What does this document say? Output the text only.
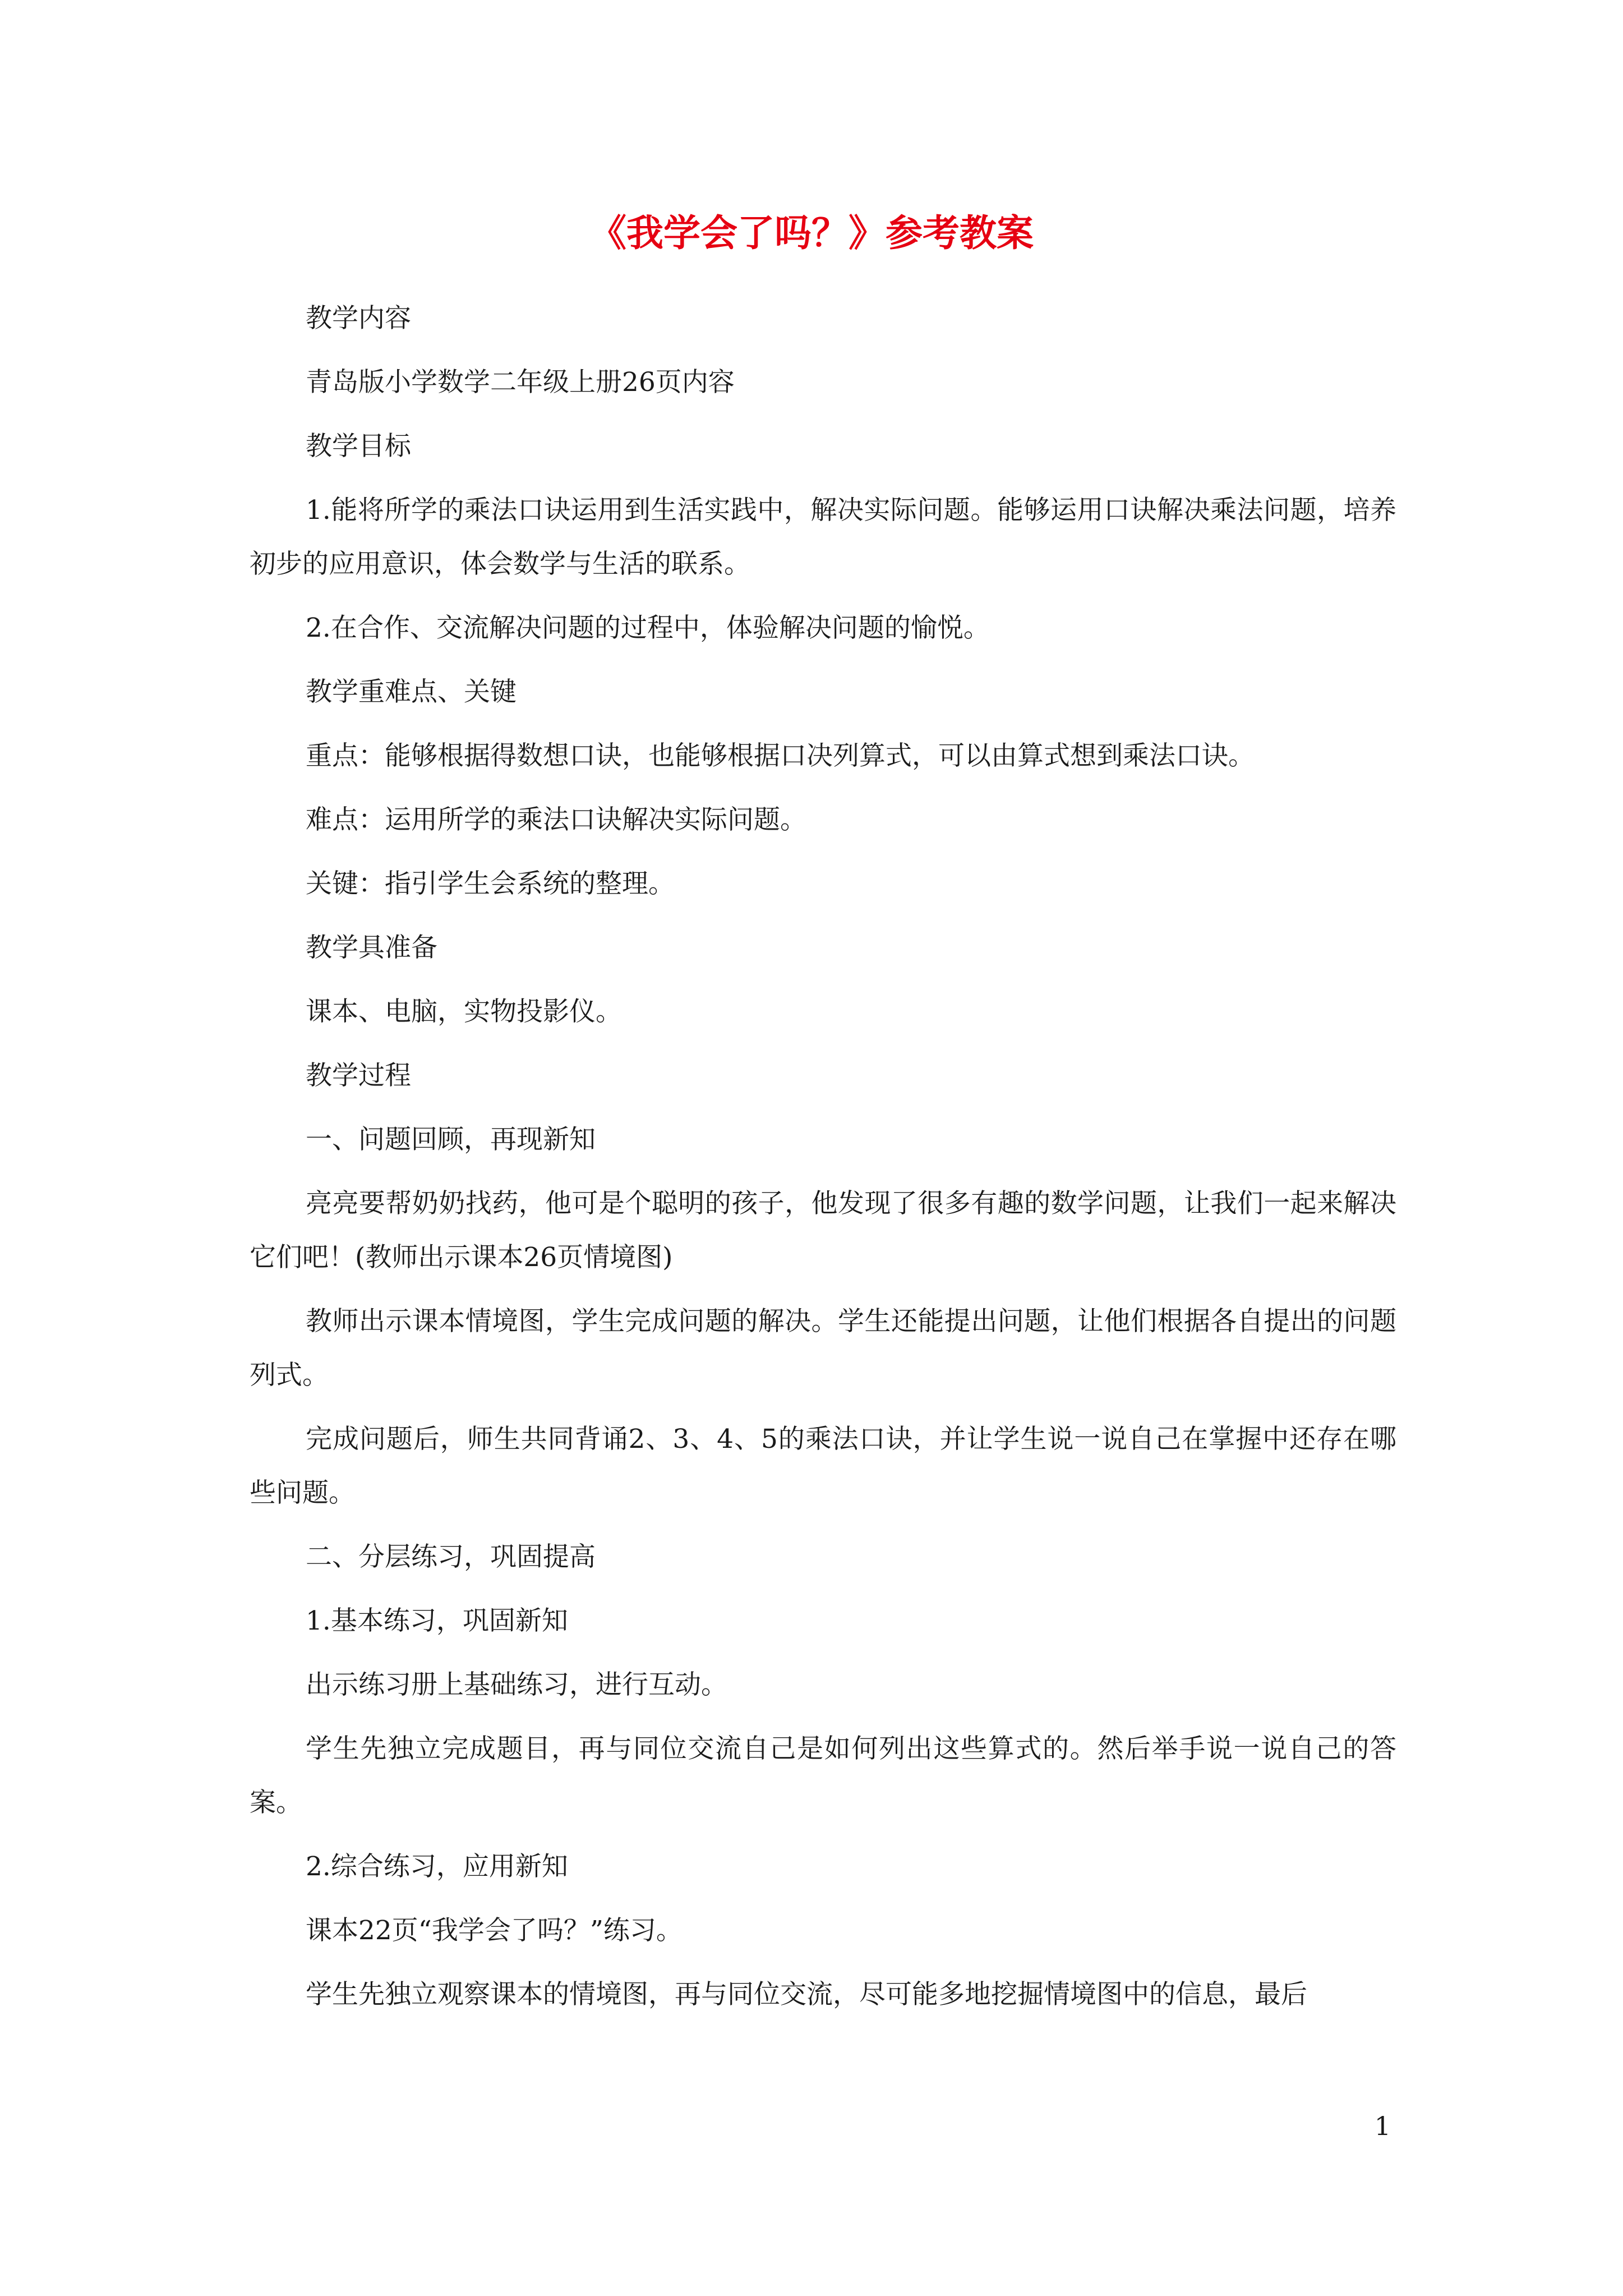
《我学会了吗？》参考教案

教学内容

青岛版小学数学二年级上册26页内容

教学目标

1.能将所学的乘法口诀运用到生活实践中，解决实际问题。能够运用口诀解决乘法问题，培养初步的应用意识，体会数学与生活的联系。

2.在合作、交流解决问题的过程中，体验解决问题的愉悦。

教学重难点、关键

重点：能够根据得数想口诀，也能够根据口决列算式，可以由算式想到乘法口诀。

难点：运用所学的乘法口诀解决实际问题。

关键：指引学生会系统的整理。

教学具准备

课本、电脑，实物投影仪。

教学过程

一、问题回顾，再现新知

亮亮要帮奶奶找药，他可是个聪明的孩子，他发现了很多有趣的数学问题，让我们一起来解决它们吧！(教师出示课本26页情境图)

教师出示课本情境图，学生完成问题的解决。学生还能提出问题，让他们根据各自提出的问题列式。

完成问题后，师生共同背诵2、3、4、5的乘法口诀，并让学生说一说自己在掌握中还存在哪些问题。

二、分层练习，巩固提高

1.基本练习，巩固新知

出示练习册上基础练习，进行互动。

学生先独立完成题目，再与同位交流自己是如何列出这些算式的。然后举手说一说自己的答案。

2.综合练习，应用新知

课本22页“我学会了吗？”练习。

学生先独立观察课本的情境图，再与同位交流，尽可能多地挖掘情境图中的信息，最后

1
